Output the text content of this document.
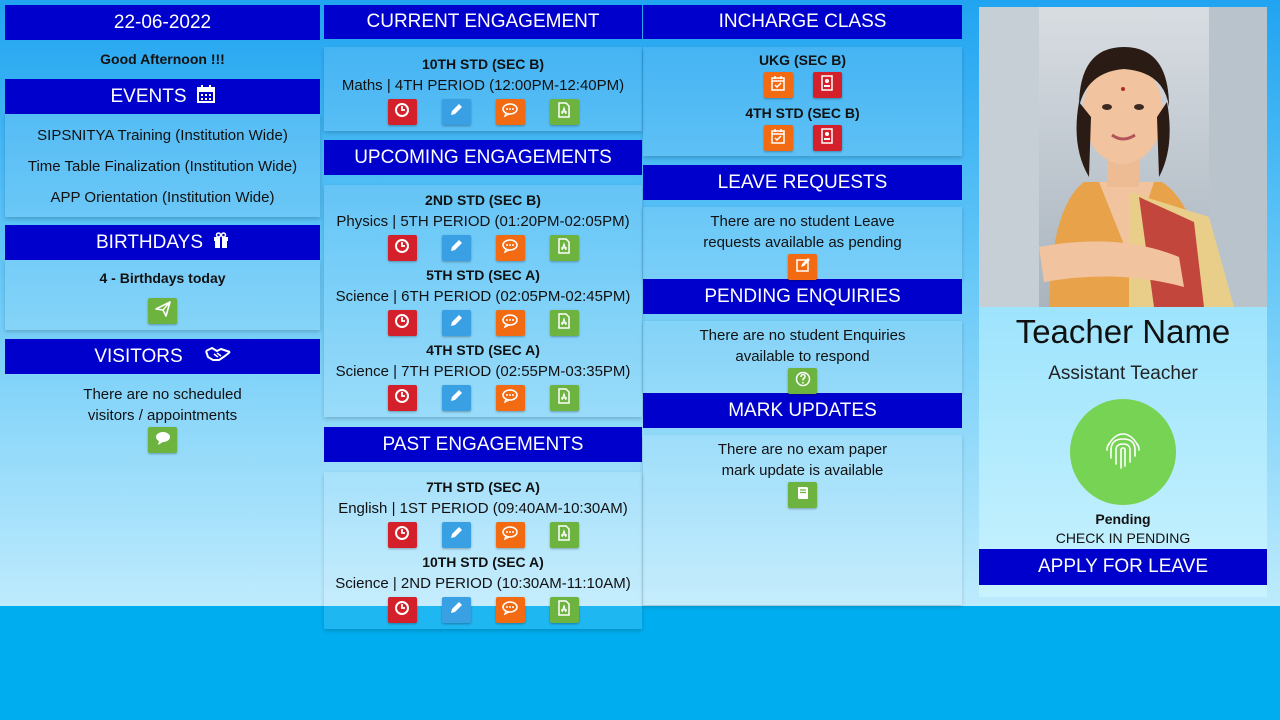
22-06-2022
Good Afternoon !!!
EVENTS
SIPSNITYA Training (Institution Wide)
Time Table Finalization (Institution Wide)
APP Orientation (Institution Wide)
BIRTHDAYS
4 - Birthdays today
VISITORS
There are no scheduled
visitors / appointments
CURRENT ENGAGEMENT
10TH STD (SEC B)
Maths | 4TH PERIOD (12:00PM-12:40PM)
UPCOMING ENGAGEMENTS
2ND STD (SEC B)
Physics | 5TH PERIOD (01:20PM-02:05PM)
5TH STD (SEC A)
Science | 6TH PERIOD (02:05PM-02:45PM)
4TH STD (SEC A)
Science | 7TH PERIOD (02:55PM-03:35PM)
PAST ENGAGEMENTS
7TH STD (SEC A)
English | 1ST PERIOD (09:40AM-10:30AM)
10TH STD (SEC A)
Science | 2ND PERIOD (10:30AM-11:10AM)
INCHARGE CLASS
UKG (SEC B)
4TH STD (SEC B)
LEAVE REQUESTS
There are no student Leave
requests available as pending
PENDING ENQUIRIES
There are no student Enquiries
available to respond
MARK UPDATES
There are no exam paper
mark update is available
Teacher Name
Assistant Teacher
Pending
CHECK IN PENDING
APPLY FOR LEAVE
